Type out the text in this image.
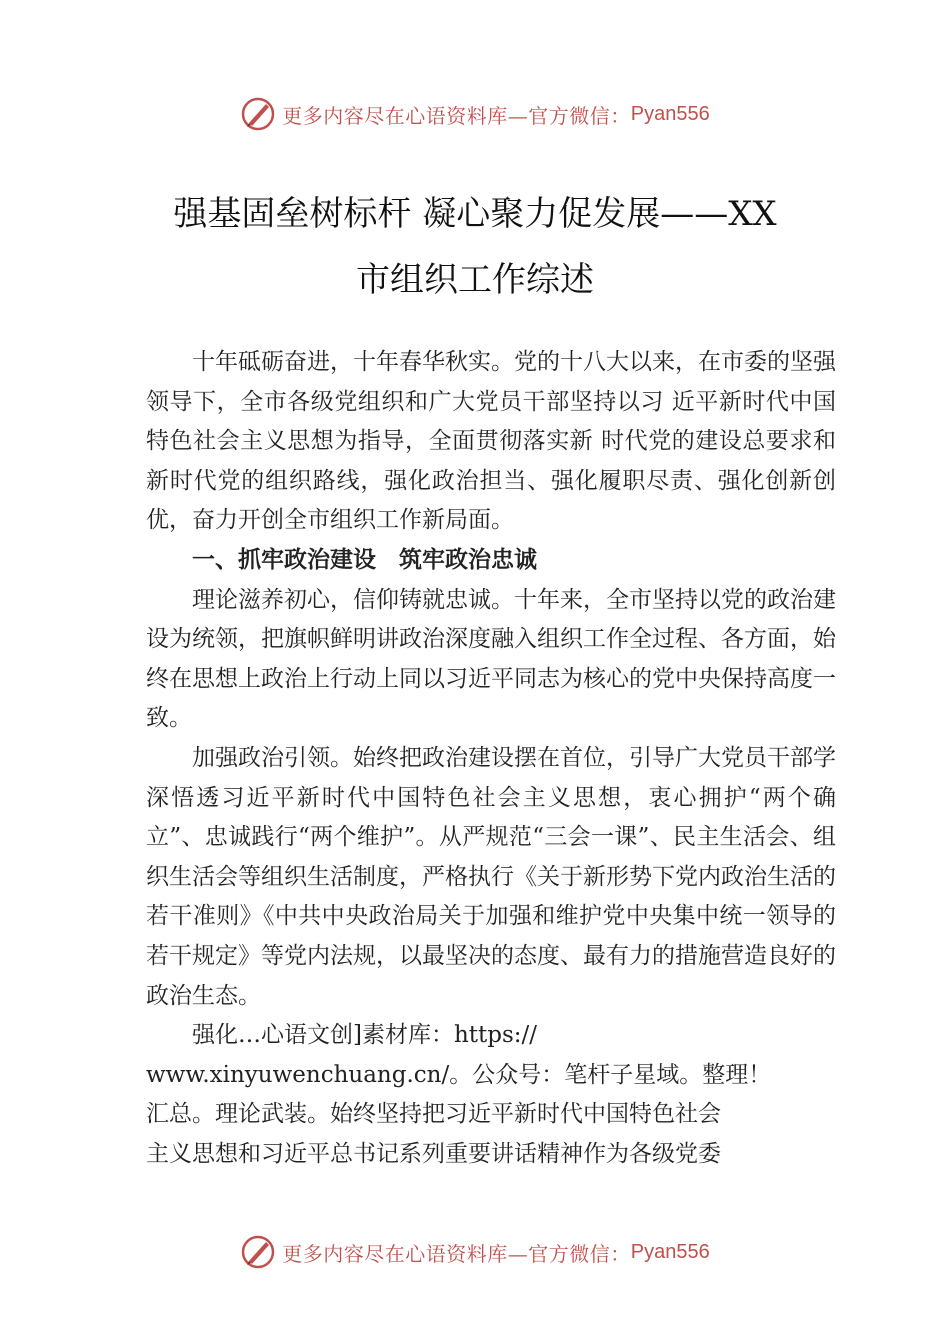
更多内容尽在心语资料库—官方微信： Pyan556
强基固垒树标杆 凝心聚力促发展——XX
市组织工作综述

十年砥砺奋进，十年春华秋实。党的十八大以来，在市委的坚强领导下，全市各级党组织和广大党员干部坚持以习 近平新时代中国特色社会主义思想为指导，全面贯彻落实新 时代党的建设总要求和新时代党的组织路线，强化政治担当、强化履职尽责、强化创新创优，奋力开创全市组织工作新局面。

一、抓牢政治建设　筑牢政治忠诚

理论滋养初心，信仰铸就忠诚。十年来，全市坚持以党的政治建设为统领，把旗帜鲜明讲政治深度融入组织工作全过程、各方面，始终在思想上政治上行动上同以习近平同志为核心的党中央保持高度一致。

加强政治引领。始终把政治建设摆在首位，引导广大党员干部学深悟透习近平新时代中国特色社会主义思想，衷心拥护“两个确立”、忠诚践行“两个维护”。从严规范“三会一课”、民主生活会、组织生活会等组织生活制度，严格执行《关于新形势下党内政治生活的若干准则》《中共中央政治局关于加强和维护党中央集中统一领导的若干规定》等党内法规，以最坚决的态度、最有力的措施营造良好的政治生态。

强化…心语文创]素材库：https://
www.xinyuwenchuang.cn/。公众号：笔杆子星域。整理！
汇总。理论武装。始终坚持把习近平新时代中国特色社会
主义思想和习近平总书记系列重要讲话精神作为各级党委

更多内容尽在心语资料库—官方微信： Pyan556
